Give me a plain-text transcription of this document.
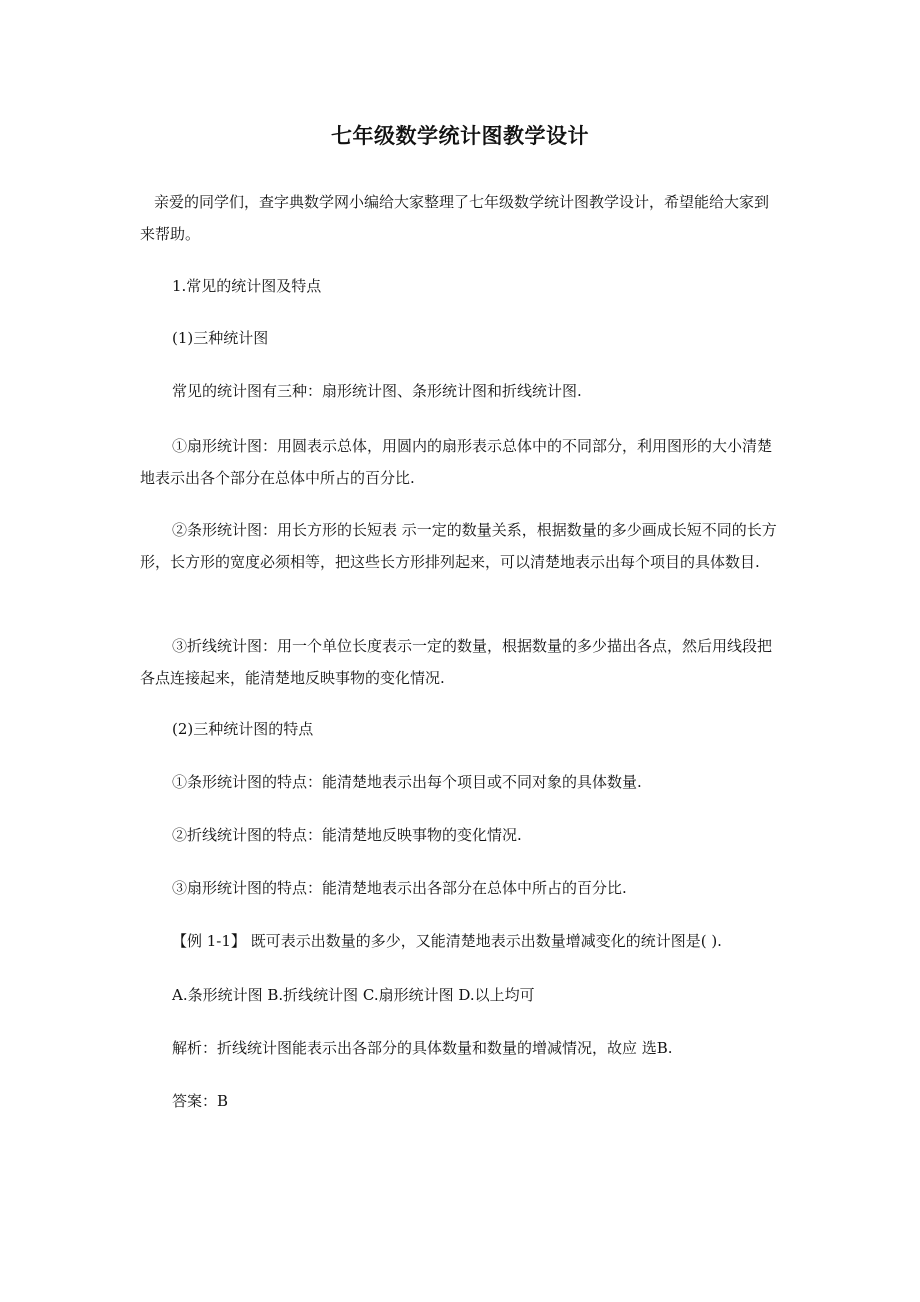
七年级数学统计图教学设计

亲爱的同学们，查字典数学网小编给大家整理了七年级数学统计图教学设计，希望能给大家到来帮助。

1.常见的统计图及特点

(1)三种统计图

常见的统计图有三种：扇形统计图、条形统计图和折线统计图.

①扇形统计图：用圆表示总体，用圆内的扇形表示总体中的不同部分，利用图形的大小清楚地表示出各个部分在总体中所占的百分比.

②条形统计图：用长方形的长短表 示一定的数量关系，根据数量的多少画成长短不同的长方形，长方形的宽度必须相等，把这些长方形排列起来，可以清楚地表示出每个项目的具体数目.

③折线统计图：用一个单位长度表示一定的数量，根据数量的多少描出各点，然后用线段把各点连接起来，能清楚地反映事物的变化情况.

(2)三种统计图的特点

①条形统计图的特点：能清楚地表示出每个项目或不同对象的具体数量.

②折线统计图的特点：能清楚地反映事物的变化情况.

③扇形统计图的特点：能清楚地表示出各部分在总体中所占的百分比.

【例 1-1】 既可表示出数量的多少，又能清楚地表示出数量增减变化的统计图是( ).

A.条形统计图 B.折线统计图 C.扇形统计图 D.以上均可

解析：折线统计图能表示出各部分的具体数量和数量的增减情况，故应 选B.

答案：B
